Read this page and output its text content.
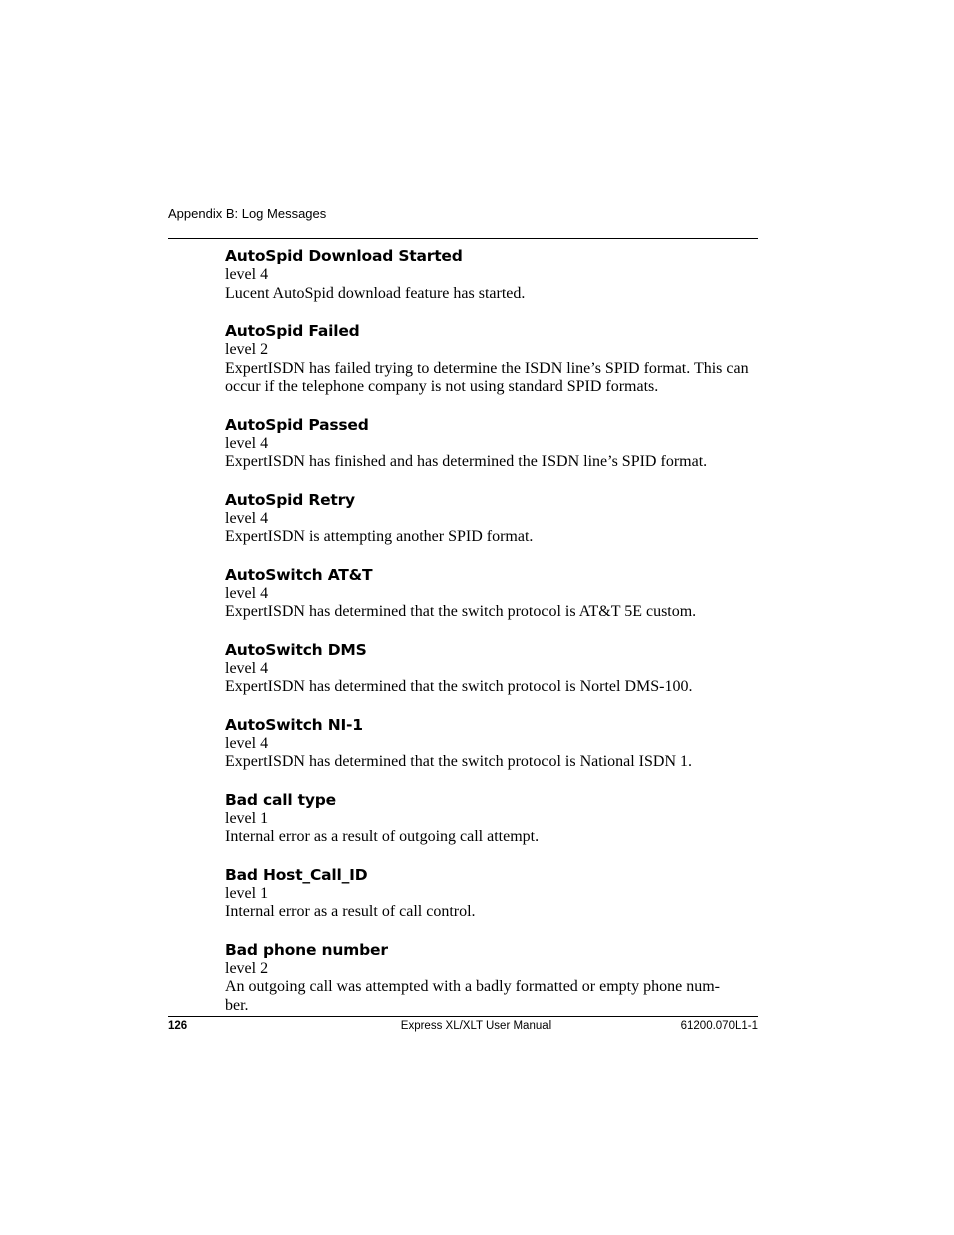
Appendix B: Log Messages
AutoSpid Download Started
level 4
Lucent AutoSpid download feature has started.
AutoSpid Failed
level 2
ExpertISDN has failed trying to determine the ISDN line’s SPID format. This can occur if the telephone company is not using standard SPID formats.
AutoSpid Passed
level 4
ExpertISDN has finished and has determined the ISDN line’s SPID format.
AutoSpid Retry
level 4
ExpertISDN is attempting another SPID format.
AutoSwitch AT&T
level 4
ExpertISDN has determined that the switch protocol is AT&T 5E custom.
AutoSwitch DMS
level 4
ExpertISDN has determined that the switch protocol is Nortel DMS-100.
AutoSwitch NI-1
level 4
ExpertISDN has determined that the switch protocol is National ISDN 1.
Bad call type
level 1
Internal error as a result of outgoing call attempt.
Bad Host_Call_ID
level 1
Internal error as a result of call control.
Bad phone number
level 2
An outgoing call was attempted with a badly formatted or empty phone num-
ber.
126	Express XL/XLT User Manual	61200.070L1-1
